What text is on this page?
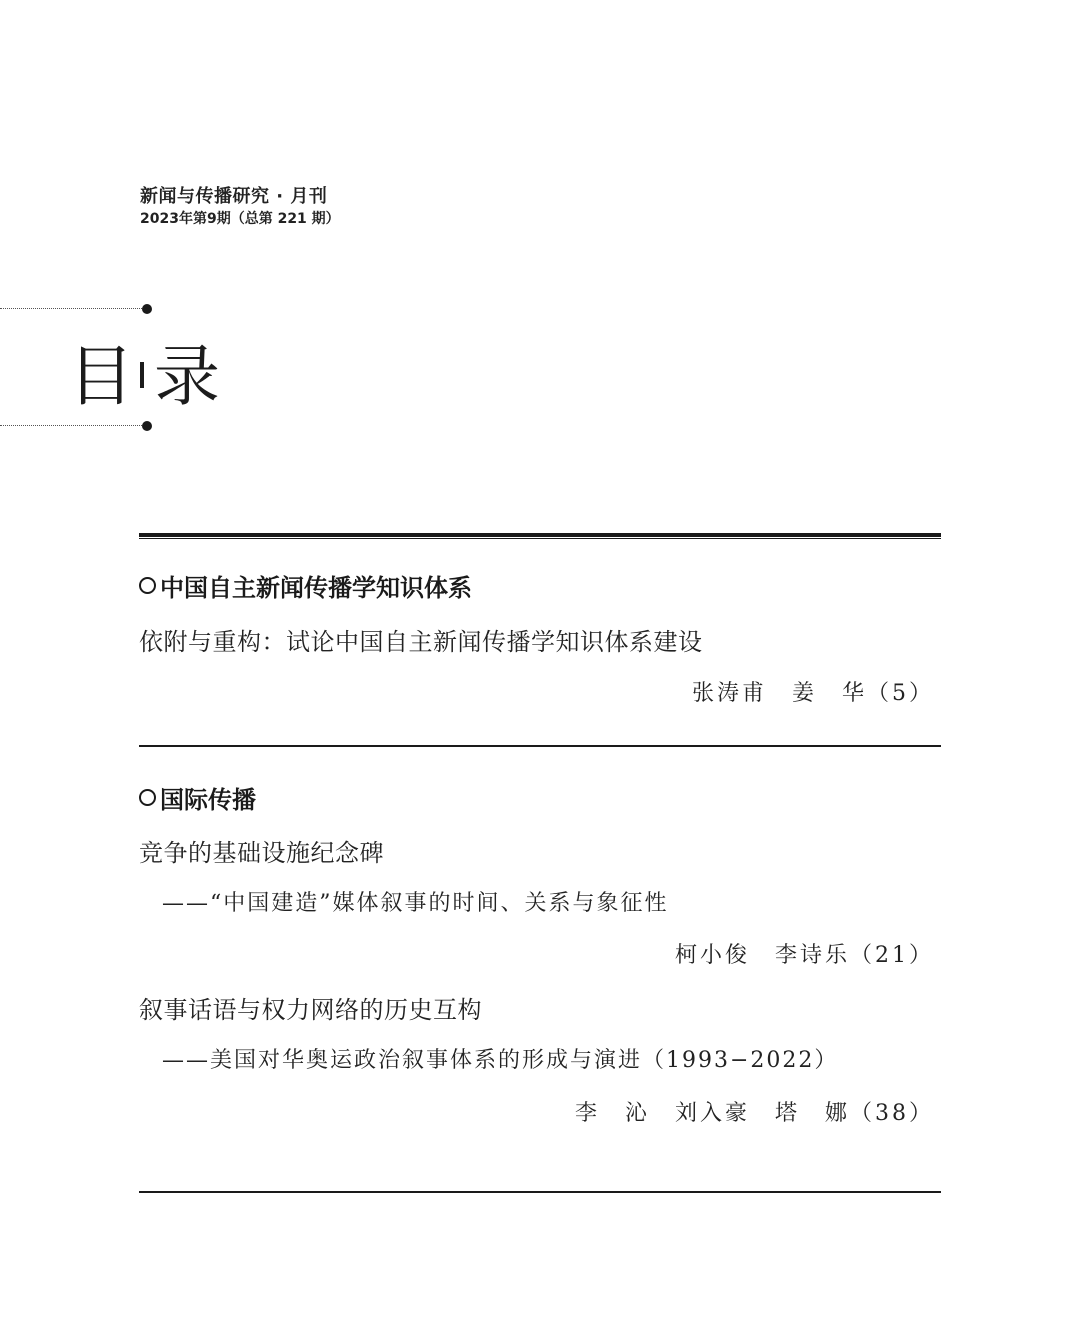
新闻与传播研究 · 月刊
2023年第9期（总第 221 期）
目 录
中国自主新闻传播学知识体系
依附与重构：试论中国自主新闻传播学知识体系建设
张涛甫　姜　华（5）
国际传播
竞争的基础设施纪念碑
——“中国建造”媒体叙事的时间、关系与象征性
柯小俊　李诗乐（21）
叙事话语与权力网络的历史互构
——美国对华奥运政治叙事体系的形成与演进（1993−2022）
李　沁　刘入豪　塔　娜（38）
